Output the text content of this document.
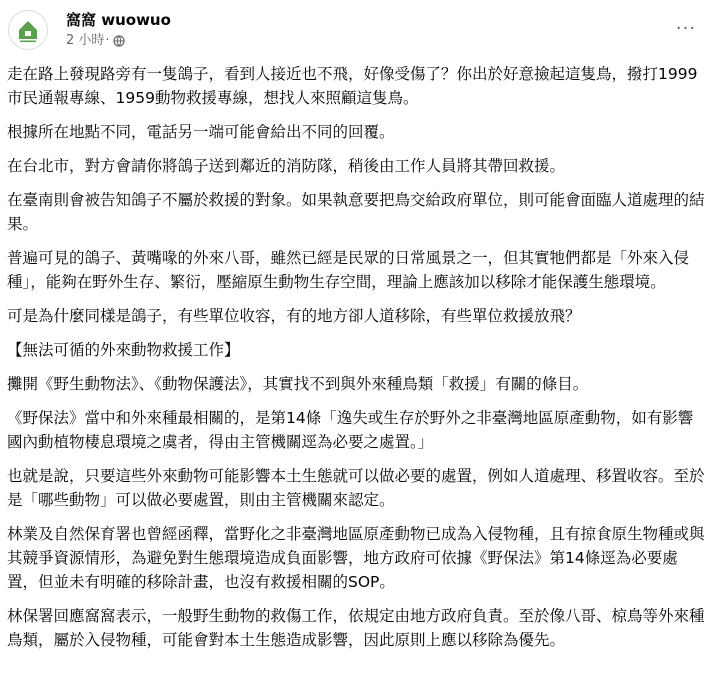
窩窩 wuowuo
2 小時 ·
···

走在路上發現路旁有一隻鴿子，看到人接近也不飛，好像受傷了？你出於好意撿起這隻鳥，撥打1999市民通報專線、1959動物救援專線，想找人來照顧這隻鳥。

根據所在地點不同，電話另一端可能會給出不同的回覆。

在台北市，對方會請你將鴿子送到鄰近的消防隊，稍後由工作人員將其帶回救援。

在臺南則會被告知鴿子不屬於救援的對象。如果執意要把鳥交給政府單位，則可能會面臨人道處理的結果。

普遍可見的鴿子、黃嘴喙的外來八哥，雖然已經是民眾的日常風景之一，但其實牠們都是「外來入侵種」，能夠在野外生存、繁衍，壓縮原生動物生存空間，理論上應該加以移除才能保護生態環境。

可是為什麼同樣是鴿子，有些單位收容，有的地方卻人道移除，有些單位救援放飛？

【無法可循的外來動物救援工作】

攤開《野生動物法》、《動物保護法》，其實找不到與外來種鳥類「救援」有關的條目。

《野保法》當中和外來種最相關的，是第14條「逸失或生存於野外之非臺灣地區原產動物，如有影響國內動植物棲息環境之虞者，得由主管機關逕為必要之處置。」

也就是說，只要這些外來動物可能影響本土生態就可以做必要的處置，例如人道處理、移置收容。至於是「哪些動物」可以做必要處置，則由主管機關來認定。

林業及自然保育署也曾經函釋，當野化之非臺灣地區原產動物已成為入侵物種，且有掠食原生物種或與其競爭資源情形，為避免對生態環境造成負面影響，地方政府可依據《野保法》第14條逕為必要處置，但並未有明確的移除計畫，也沒有救援相關的SOP。

林保署回應窩窩表示，一般野生動物的救傷工作，依規定由地方政府負責。至於像八哥、椋鳥等外來種鳥類，屬於入侵物種，可能會對本土生態造成影響，因此原則上應以移除為優先。
